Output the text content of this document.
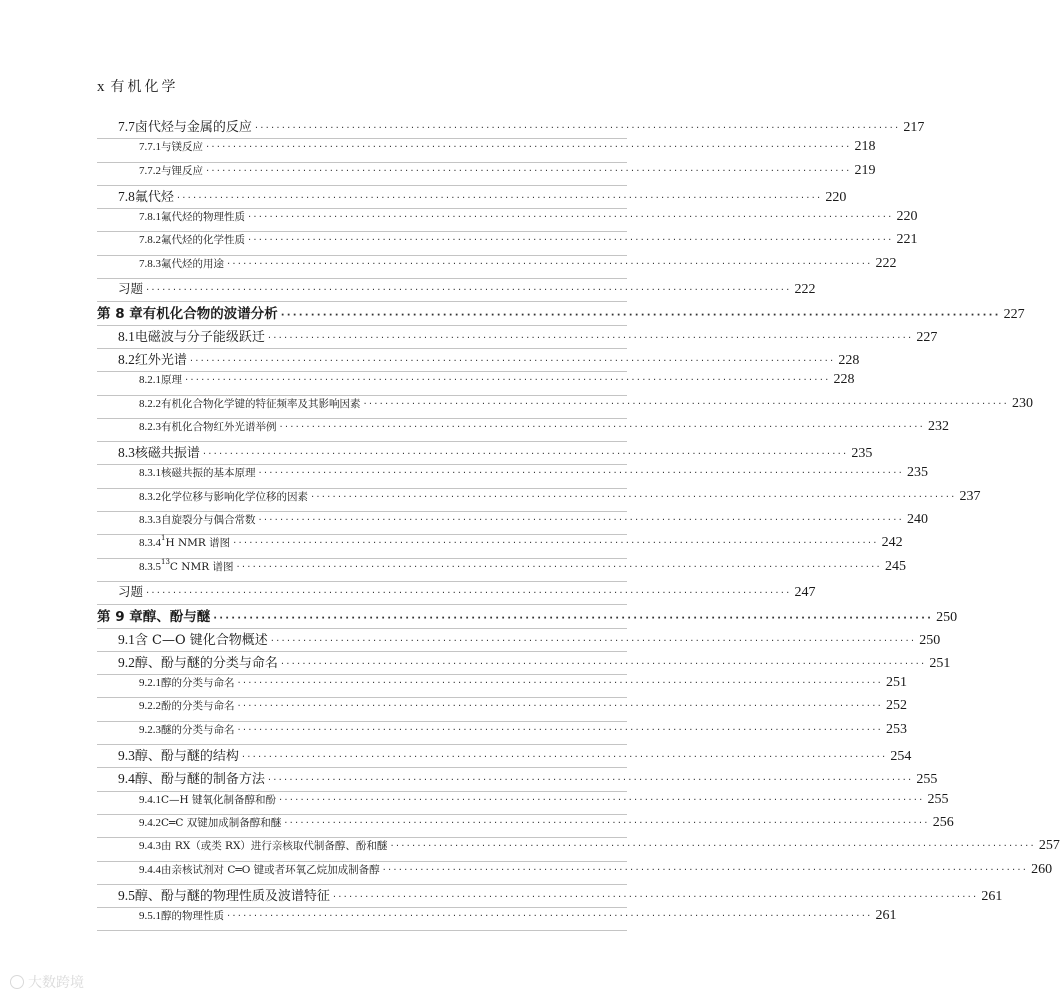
x 有机化学
7.7 卤代烃与金属的反应 ························································································································ 217
7.7.1 与镁反应 ························································································································ 218
7.7.2 与锂反应 ························································································································ 219
7.8 氟代烃 ························································································································ 220
7.8.1 氟代烃的物理性质 ························································································································ 220
7.8.2 氟代烃的化学性质 ························································································································ 221
7.8.3 氟代烃的用途 ························································································································ 222
习题 ························································································································ 222
第 8 章 有机化合物的波谱分析 ························································································································ 227
8.1 电磁波与分子能级跃迁 ························································································································ 227
8.2 红外光谱 ························································································································ 228
8.2.1 原理 ························································································································ 228
8.2.2 有机化合物化学键的特征频率及其影响因素 ························································································································ 230
8.2.3 有机化合物红外光谱举例 ························································································································ 232
8.3 核磁共振谱 ························································································································ 235
8.3.1 核磁共振的基本原理 ························································································································ 235
8.3.2 化学位移与影响化学位移的因素 ························································································································ 237
8.3.3 自旋裂分与偶合常数 ························································································································ 240
8.3.4 $^1$H NMR 谱图 ························································································································ 242
8.3.5 $^{13}$C NMR 谱图 ························································································································ 245
习题 ························································································································ 247
第 9 章 醇、酚与醚 ························································································································ 250
9.1 含 C—O 键化合物概述 ························································································································ 250
9.2 醇、酚与醚的分类与命名 ························································································································ 251
9.2.1 醇的分类与命名 ························································································································ 251
9.2.2 酚的分类与命名 ························································································································ 252
9.2.3 醚的分类与命名 ························································································································ 253
9.3 醇、酚与醚的结构 ························································································································ 254
9.4 醇、酚与醚的制备方法 ························································································································ 255
9.4.1 C—H 键氧化制备醇和酚 ························································································································ 255
9.4.2 C═C 双键加成制备醇和醚 ························································································································ 256
9.4.3 由 RX（或类 RX）进行亲核取代制备醇、酚和醚 ························································································································ 257
9.4.4 由亲核试剂对 C═O 键或者环氧乙烷加成制备醇 ························································································································ 260
9.5 醇、酚与醚的物理性质及波谱特征 ························································································································ 261
9.5.1 醇的物理性质 ························································································································ 261
大数跨境
